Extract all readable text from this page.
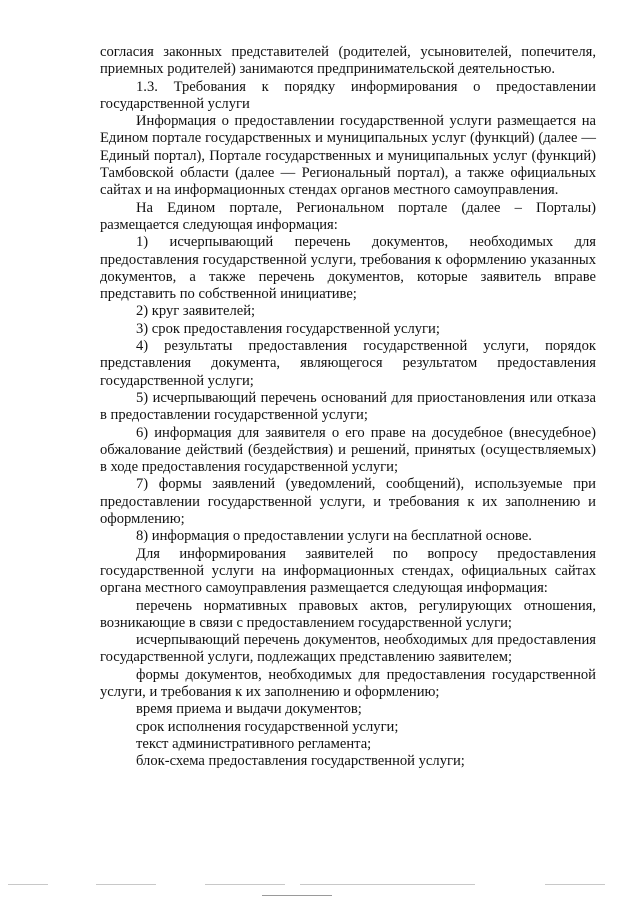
согласия законных представителей (родителей, усыновителей, попечителя, приемных родителей) занимаются предпринимательской деятельностью.

1.3. Требования к порядку информирования о предоставлении государственной услуги

Информация о предоставлении государственной услуги размещается на Едином портале государственных и муниципальных услуг (функций) (далее — Единый портал), Портале государственных и муниципальных услуг (функций) Тамбовской области (далее — Региональный портал), а также официальных сайтах и на информационных стендах органов местного самоуправления.

На Едином портале, Региональном портале (далее – Порталы) размещается следующая информация:

1) исчерпывающий перечень документов, необходимых для предоставления государственной услуги, требования к оформлению указанных документов, а также перечень документов, которые заявитель вправе представить по собственной инициативе;

2) круг заявителей;

3) срок предоставления государственной услуги;

4) результаты предоставления государственной услуги, порядок представления документа, являющегося результатом предоставления государственной услуги;

5) исчерпывающий перечень оснований для приостановления или отказа в предоставлении государственной услуги;

6) информация для заявителя о его праве на досудебное (внесудебное) обжалование действий (бездействия) и решений, принятых (осуществляемых) в ходе предоставления государственной услуги;

7) формы заявлений (уведомлений, сообщений), используемые при предоставлении государственной услуги, и требования к их заполнению и оформлению;

8) информация о предоставлении услуги на бесплатной основе.

Для информирования заявителей по вопросу предоставления государственной услуги на информационных стендах, официальных сайтах органа местного самоуправления размещается следующая информация:

перечень нормативных правовых актов, регулирующих отношения, возникающие в связи с предоставлением государственной услуги;

исчерпывающий перечень документов, необходимых для предоставления государственной услуги, подлежащих представлению заявителем;

формы документов, необходимых для предоставления государственной услуги, и требования к их заполнению и оформлению;

время приема и выдачи документов;

срок исполнения государственной услуги;

текст административного регламента;

блок-схема предоставления государственной услуги;
